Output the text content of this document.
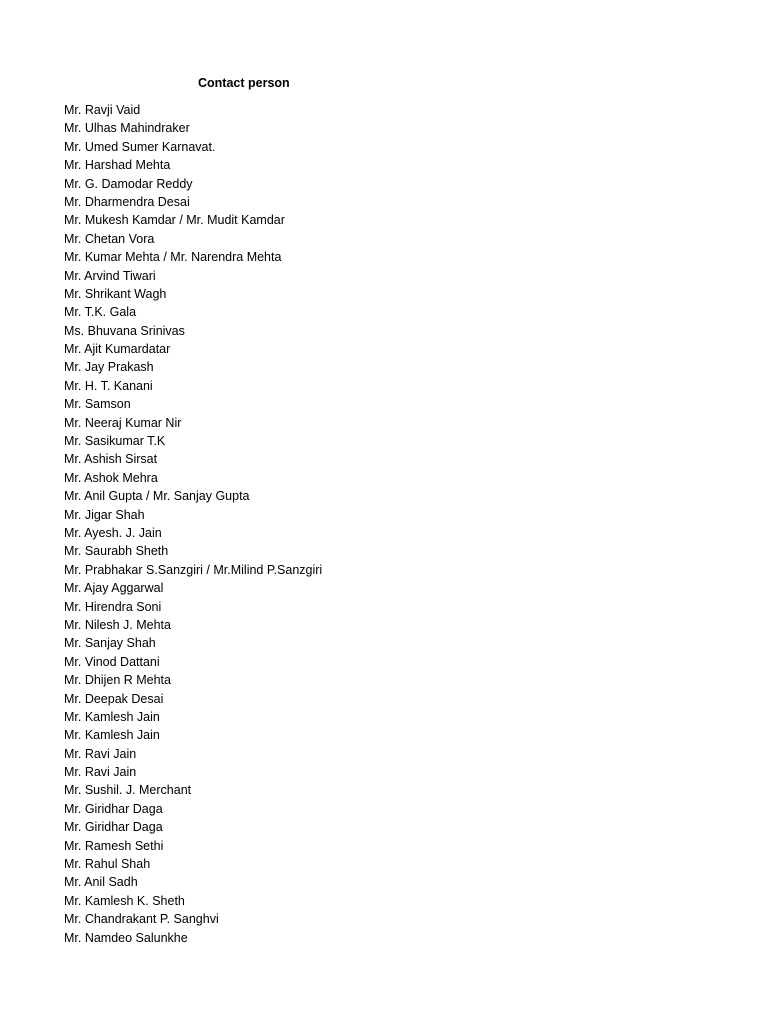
Contact person
Mr. Ravji Vaid
Mr. Ulhas Mahindraker
Mr. Umed Sumer Karnavat.
Mr. Harshad Mehta
Mr. G. Damodar Reddy
Mr. Dharmendra Desai
Mr. Mukesh Kamdar / Mr. Mudit Kamdar
Mr. Chetan Vora
Mr. Kumar Mehta / Mr. Narendra Mehta
Mr. Arvind Tiwari
Mr. Shrikant Wagh
Mr. T.K. Gala
Ms. Bhuvana Srinivas
Mr. Ajit Kumardatar
Mr. Jay Prakash
Mr. H. T. Kanani
Mr. Samson
Mr. Neeraj Kumar Nir
Mr. Sasikumar T.K
Mr. Ashish Sirsat
Mr. Ashok Mehra
Mr. Anil Gupta / Mr. Sanjay Gupta
Mr. Jigar Shah
Mr. Ayesh. J. Jain
Mr. Saurabh Sheth
Mr. Prabhakar S.Sanzgiri / Mr.Milind P.Sanzgiri
Mr. Ajay Aggarwal
Mr. Hirendra Soni
Mr. Nilesh J. Mehta
Mr. Sanjay Shah
Mr. Vinod Dattani
Mr. Dhijen R Mehta
Mr. Deepak Desai
Mr. Kamlesh Jain
Mr. Kamlesh Jain
Mr. Ravi Jain
Mr. Ravi Jain
Mr. Sushil. J. Merchant
Mr. Giridhar Daga
Mr. Giridhar Daga
Mr. Ramesh Sethi
Mr. Rahul Shah
Mr. Anil Sadh
Mr. Kamlesh K. Sheth
Mr. Chandrakant P. Sanghvi
Mr. Namdeo Salunkhe
